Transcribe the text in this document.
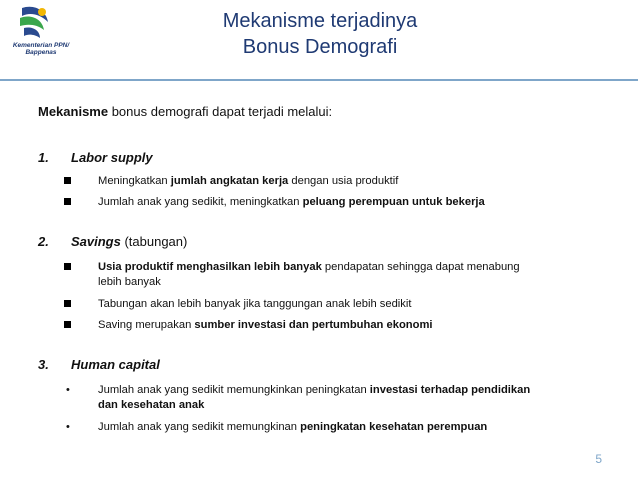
Kementerian PPN/
Bappenas
Mekanisme terjadinya
Bonus Demografi
Mekanisme bonus demografi dapat terjadi melalui:
1. Labor supply
Meningkatkan jumlah angkatan kerja dengan usia produktif
Jumlah anak yang sedikit, meningkatkan peluang perempuan untuk bekerja
2. Savings (tabungan)
Usia produktif menghasilkan lebih banyak pendapatan sehingga dapat menabung
lebih banyak
Tabungan akan lebih banyak jika tanggungan anak lebih sedikit
Saving merupakan sumber investasi dan pertumbuhan ekonomi
3. Human capital
•	Jumlah anak yang sedikit memungkinkan peningkatan investasi terhadap pendidikan
dan kesehatan anak
•	Jumlah anak yang sedikit memungkinan peningkatan kesehatan perempuan
5
